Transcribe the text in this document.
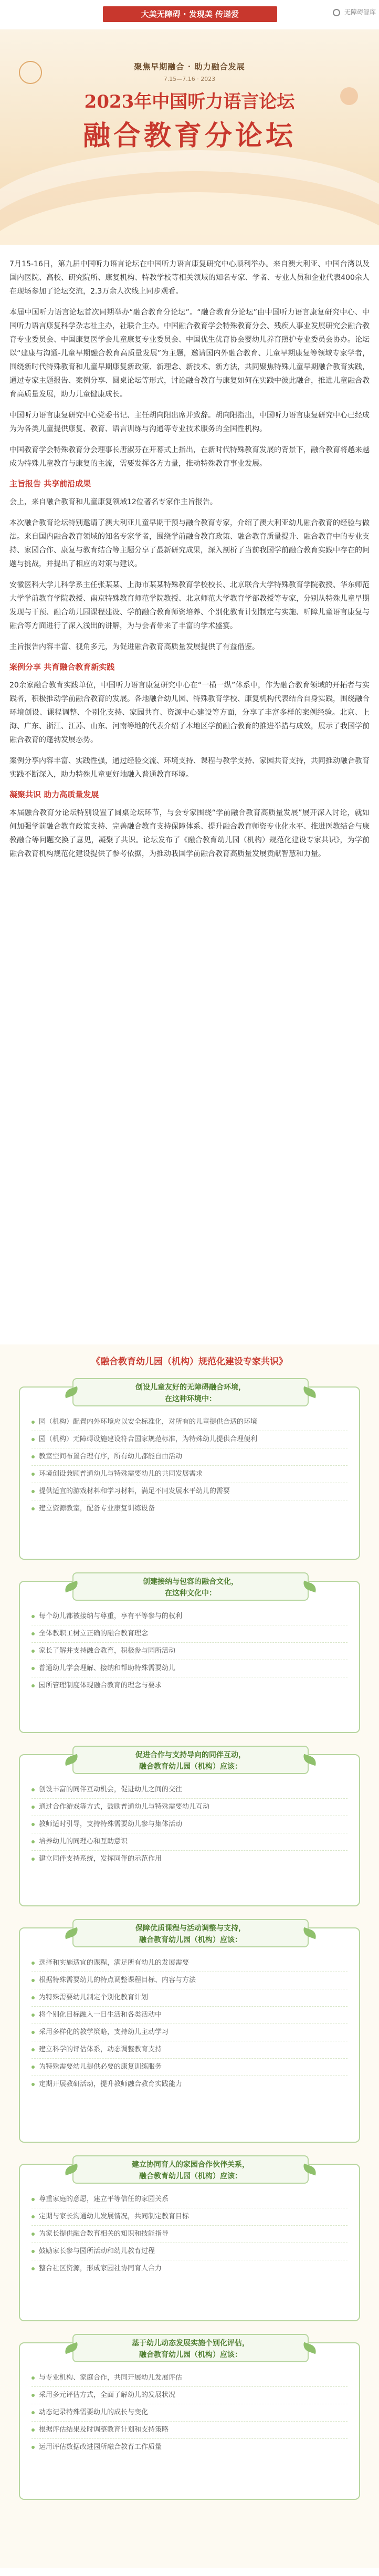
大美无障碍 · 发现美 传递爱	无障碍智库
聚焦早期融合 · 助力融合发展
7.15—7.16 · 2023
2023年中国听力语言论坛
融合教育分论坛

7月15-16日，第九届中国听力语言论坛在中国听力语言康复研究中心顺利举办。来自澳大利亚、中国台湾以及国内医院、高校、研究院所、康复机构、特教学校等相关领域的知名专家、学者、专业人员和企业代表400余人在现场参加了论坛交流，2.3万余人次线上同步观看。

本届中国听力语言论坛首次同期举办“融合教育分论坛”。“融合教育分论坛”由中国听力语言康复研究中心、中国听力语言康复科学杂志社主办，社联合主办。中国融合教育学会特殊教育分会、残疾人事业发展研究会融合教育专业委员会、中国康复医学会儿童康复专业委员会、中国优生优育协会婴幼儿养育照护专业委员会协办。论坛以“建康与沟通-儿童早期融合教育高质量发展”为主题，邀请国内外融合教育、儿童早期康复等领域专家学者，围绕新时代特殊教育和儿童早期康复新政策、新理念、新技术、新方法，共同聚焦特殊儿童早期融合教育实践，通过专家主题报告、案例分享、圆桌论坛等形式，讨论融合教育与康复如何在实践中彼此融合，推进儿童融合教育高质量发展，助力儿童健康成长。

中国听力语言康复研究中心党委书记、主任胡向阳出席并致辞。胡向阳指出，中国听力语言康复研究中心已经成为为各类儿童提供康复、教育、语言训练与沟通等专业技术服务的全国性机构。

中国教育学会特殊教育分会理事长唐淑芬在开幕式上指出，在新时代特殊教育发展的背景下，融合教育将越来越成为特殊儿童教育与康复的主流，需要发挥各方力量，推动特殊教育事业发展。

主旨报告 共享前沿成果

会上，来自融合教育和儿童康复领域12位著名专家作主旨报告。

本次融合教育论坛特别邀请了澳大利亚儿童早期干预与融合教育专家，介绍了澳大利亚幼儿融合教育的经验与做法。来自国内融合教育领域的知名专家学者，围绕学前融合教育政策、融合教育质量提升、融合教育中的专业支持、家园合作、康复与教育结合等主题分享了最新研究成果，深入剖析了当前我国学前融合教育实践中存在的问题与挑战，并提出了相应的对策与建议。

安徽医科大学儿科学系主任张某某、上海市某某特殊教育学校校长、北京联合大学特殊教育学院教授、华东师范大学学前教育学院教授、南京特殊教育师范学院教授、北京师范大学教育学部教授等专家，分别从特殊儿童早期发现与干预、融合幼儿园课程建设、学前融合教育师资培养、个别化教育计划制定与实施、听障儿童语言康复与融合等方面进行了深入浅出的讲解，为与会者带来了丰富的学术盛宴。

主旨报告内容丰富、视角多元，为促进融合教育高质量发展提供了有益借鉴。

案例分享 共育融合教育新实践

20余家融合教育实践单位，中国听力语言康复研究中心在“一横一纵”体系中，作为融合教育领域的开拓者与实践者，积极推动学前融合教育的发展。各地融合幼儿园、特殊教育学校、康复机构代表结合自身实践，围绕融合环境创设、课程调整、个别化支持、家园共育、资源中心建设等方面，分享了丰富多样的案例经验。北京、上海、广东、浙江、江苏、山东、河南等地的代表介绍了本地区学前融合教育的推进举措与成效，展示了我国学前融合教育的蓬勃发展态势。

案例分享内容丰富、实践性强，通过经验交流、环境支持、课程与教学支持、家园共育支持，共同推动融合教育实践不断深入，助力特殊儿童更好地融入普通教育环境。

凝聚共识 助力高质量发展

本届融合教育分论坛特别设置了圆桌论坛环节，与会专家围绕“学前融合教育高质量发展”展开深入讨论，就如何加强学前融合教育政策支持、完善融合教育支持保障体系、提升融合教育师资专业化水平、推进医教结合与康教融合等问题交换了意见，凝聚了共识。论坛发布了《融合教育幼儿园（机构）规范化建设专家共识》，为学前融合教育机构规范化建设提供了参考依据，为推动我国学前融合教育高质量发展贡献智慧和力量。

《融合教育幼儿园（机构）规范化建设专家共识》
创设儿童友好的无障碍融合环境，
在这种环境中：
园（机构）配置内外环境应以安全标准化，对所有的儿童提供合适的环境
园（机构）无障碍设施建设符合国家规范标准，为特殊幼儿提供合理便利
教室空间布置合理有序，所有幼儿都能自由活动
环境创设兼顾普通幼儿与特殊需要幼儿的共同发展需求
提供适宜的游戏材料和学习材料，满足不同发展水平幼儿的需要
建立资源教室，配备专业康复训练设备
创建接纳与包容的融合文化，
在这种文化中：
每个幼儿都被接纳与尊重，享有平等参与的权利
全体教职工树立正确的融合教育理念
家长了解并支持融合教育，积极参与园所活动
普通幼儿学会理解、接纳和帮助特殊需要幼儿
园所管理制度体现融合教育的理念与要求
促进合作与支持导向的同伴互动，
融合教育幼儿园（机构）应该：
创设丰富的同伴互动机会，促进幼儿之间的交往
通过合作游戏等方式，鼓励普通幼儿与特殊需要幼儿互动
教师适时引导，支持特殊需要幼儿参与集体活动
培养幼儿的同理心和互助意识
建立同伴支持系统，发挥同伴的示范作用
保障优质课程与活动调整与支持，
融合教育幼儿园（机构）应该：
选择和实施适宜的课程，满足所有幼儿的发展需要
根据特殊需要幼儿的特点调整课程目标、内容与方法
为特殊需要幼儿制定个别化教育计划
将个别化目标融入一日生活和各类活动中
采用多样化的教学策略，支持幼儿主动学习
建立科学的评估体系，动态调整教育支持
为特殊需要幼儿提供必要的康复训练服务
定期开展教研活动，提升教师融合教育实践能力
建立协同育人的家园合作伙伴关系，
融合教育幼儿园（机构）应该：
尊重家庭的意愿，建立平等信任的家园关系
定期与家长沟通幼儿发展情况，共同制定教育目标
为家长提供融合教育相关的知识和技能指导
鼓励家长参与园所活动和幼儿教育过程
整合社区资源，形成家园社协同育人合力
基于幼儿动态发展实施个别化评估，
融合教育幼儿园（机构）应该：
与专业机构、家庭合作，共同开展幼儿发展评估
采用多元评估方式，全面了解幼儿的发展状况
动态记录特殊需要幼儿的成长与变化
根据评估结果及时调整教育计划和支持策略
运用评估数据改进园所融合教育工作质量
